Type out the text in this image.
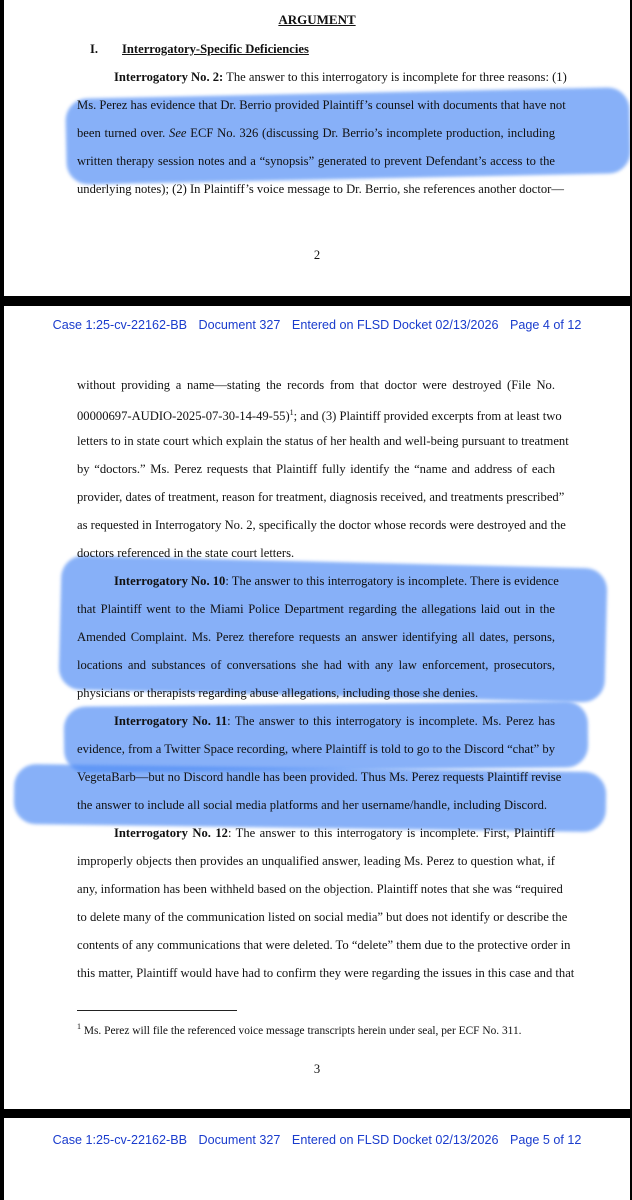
ARGUMENT
I. Interrogatory-Specific Deficiencies
Interrogatory No. 2: The answer to this interrogatory is incomplete for three reasons: (1)
Ms. Perez has evidence that Dr. Berrio provided Plaintiff’s counsel with documents that have not
been turned over. See ECF No. 326 (discussing Dr. Berrio’s incomplete production, including
written therapy session notes and a “synopsis” generated to prevent Defendant’s access to the
underlying notes); (2) In Plaintiff’s voice message to Dr. Berrio, she references another doctor—
2
Case 1:25-cv-22162-BB Document 327 Entered on FLSD Docket 02/13/2026 Page 4 of 12
without providing a name—stating the records from that doctor were destroyed (File No.
00000697-AUDIO-2025-07-30-14-49-55)$^1$; and (3) Plaintiff provided excerpts from at least two
letters to in state court which explain the status of her health and well-being pursuant to treatment
by “doctors.” Ms. Perez requests that Plaintiff fully identify the “name and address of each
provider, dates of treatment, reason for treatment, diagnosis received, and treatments prescribed”
as requested in Interrogatory No. 2, specifically the doctor whose records were destroyed and the
doctors referenced in the state court letters.
Interrogatory No. 10: The answer to this interrogatory is incomplete. There is evidence
that Plaintiff went to the Miami Police Department regarding the allegations laid out in the
Amended Complaint. Ms. Perez therefore requests an answer identifying all dates, persons,
locations and substances of conversations she had with any law enforcement, prosecutors,
physicians or therapists regarding abuse allegations, including those she denies.
Interrogatory No. 11: The answer to this interrogatory is incomplete. Ms. Perez has
evidence, from a Twitter Space recording, where Plaintiff is told to go to the Discord “chat” by
VegetaBarb—but no Discord handle has been provided. Thus Ms. Perez requests Plaintiff revise
the answer to include all social media platforms and her username/handle, including Discord.
Interrogatory No. 12: The answer to this interrogatory is incomplete. First, Plaintiff
improperly objects then provides an unqualified answer, leading Ms. Perez to question what, if
any, information has been withheld based on the objection. Plaintiff notes that she was “required
to delete many of the communication listed on social media” but does not identify or describe the
contents of any communications that were deleted. To “delete” them due to the protective order in
this matter, Plaintiff would have had to confirm they were regarding the issues in this case and that
$^1$ Ms. Perez will file the referenced voice message transcripts herein under seal, per ECF No. 311.
3
Case 1:25-cv-22162-BB Document 327 Entered on FLSD Docket 02/13/2026 Page 5 of 12
